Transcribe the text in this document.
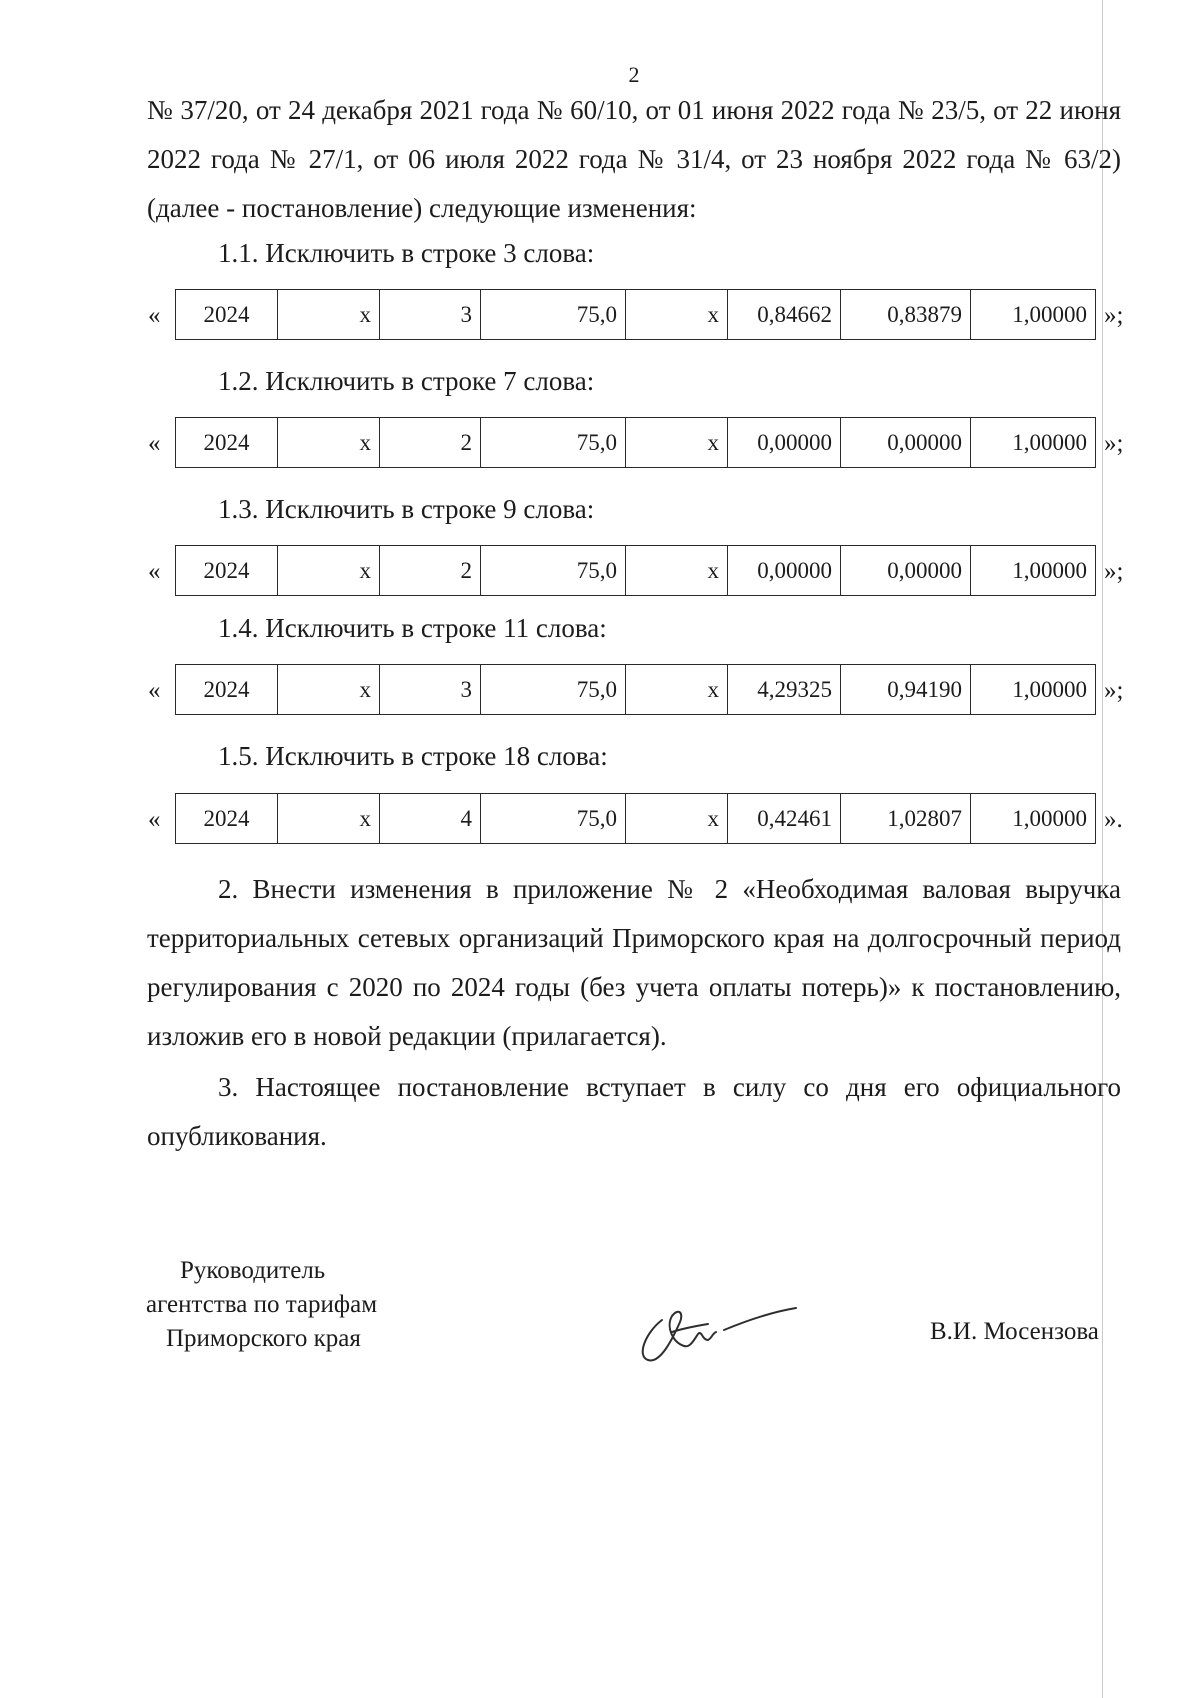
2

№ 37/20, от 24 декабря 2021 года № 60/10, от 01 июня 2022 года № 23/5, от 22 июня 2022 года № 27/1, от 06 июля 2022 года № 31/4, от 23 ноября 2022 года № 63/2) (далее - постановление) следующие изменения:

1.1. Исключить в строке 3 слова:

« 2024	х	3	75,0	х	0,84662	0,83879	1,00000 »;

1.2. Исключить в строке 7 слова:

« 2024	х	2	75,0	х	0,00000	0,00000	1,00000 »;

1.3. Исключить в строке 9 слова:

« 2024	х	2	75,0	х	0,00000	0,00000	1,00000 »;

1.4. Исключить в строке 11 слова:

« 2024	х	3	75,0	х	4,29325	0,94190	1,00000 »;

1.5. Исключить в строке 18 слова:

« 2024	х	4	75,0	х	0,42461	1,02807	1,00000 ».

2. Внести изменения в приложение № 2 «Необходимая валовая выручка территориальных сетевых организаций Приморского края на долгосрочный период регулирования с 2020 по 2024 годы (без учета оплаты потерь)» к постановлению, изложив его в новой редакции (прилагается).

3. Настоящее постановление вступает в силу со дня его официального опубликования.

Руководитель
агентства по тарифам
Приморского края	В.И. Мосензова
